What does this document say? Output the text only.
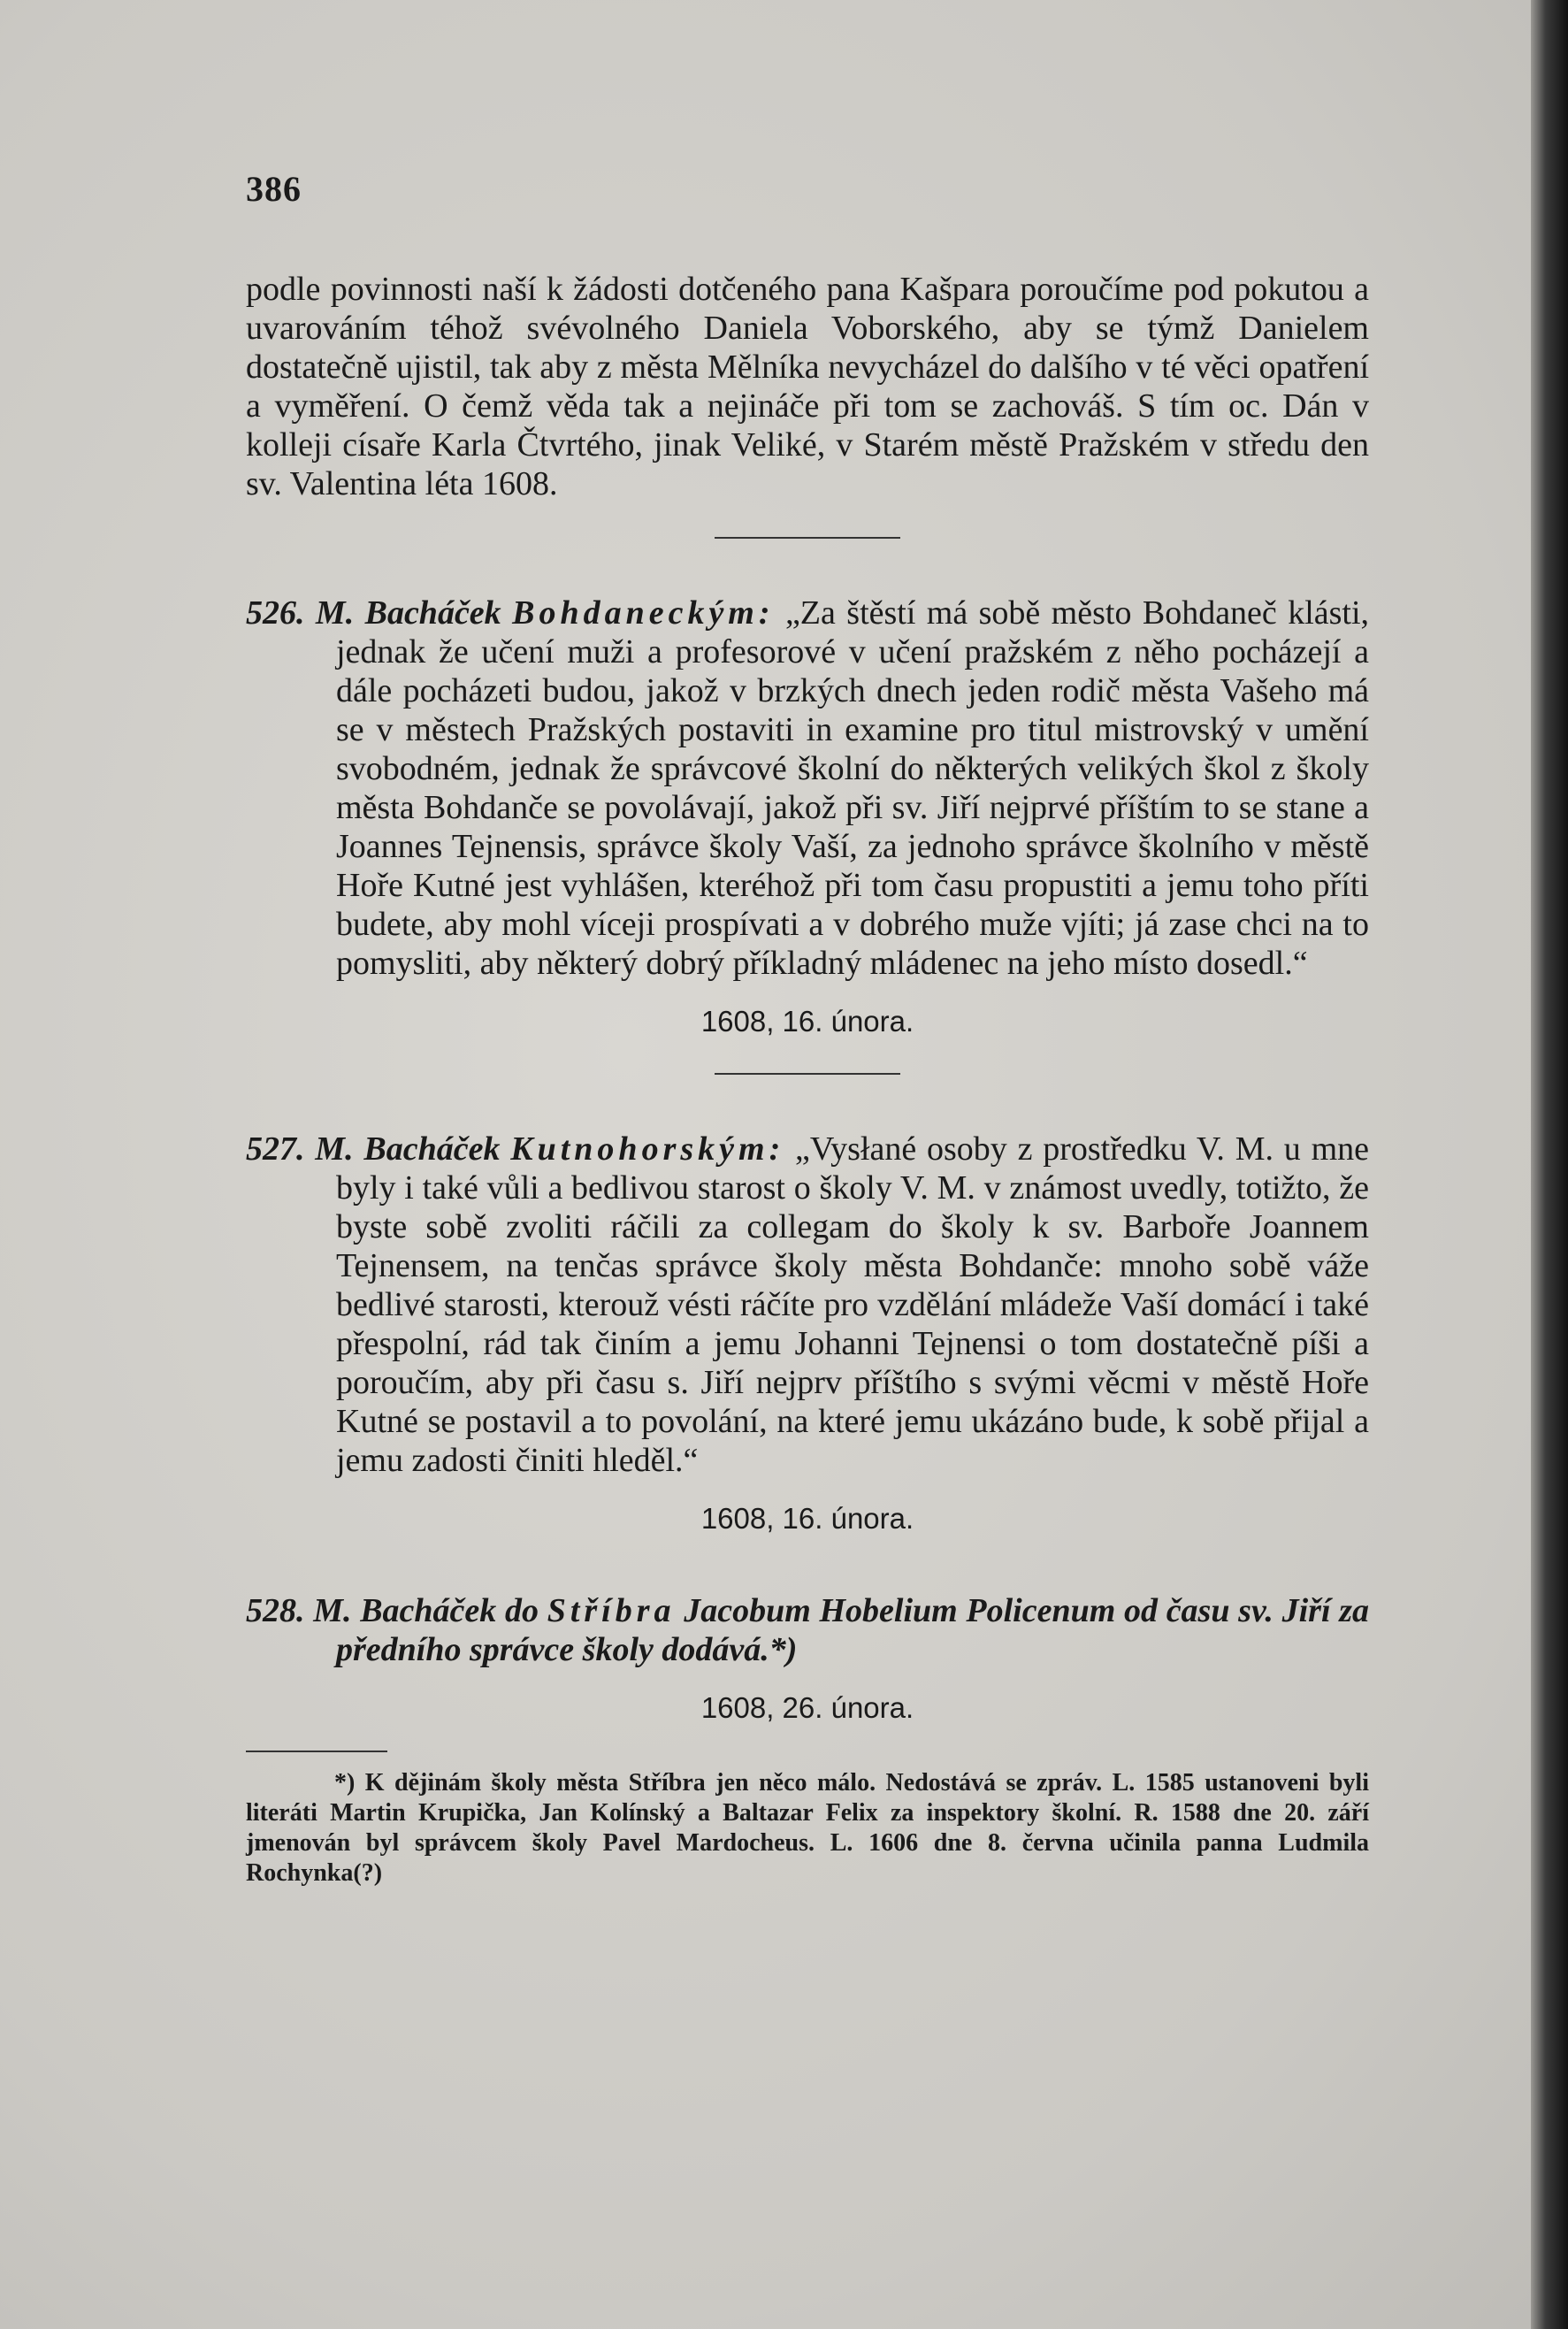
386

podle povinnosti naší k žádosti dotčeného pana Kašpara poroučíme pod pokutou a uvarováním téhož svévolného Daniela Voborského, aby se týmž Danielem dostatečně ujistil, tak aby z města Mělníka nevycházel do dalšího v té věci opatření a vyměření. O čemž věda tak a nejináče při tom se zachováš. S tím oc. Dán v kolleji císaře Karla Čtvrtého, jinak Veliké, v Starém městě Pražském v středu den sv. Valentina léta 1608.

526. M. Bacháček Bohdaneckým: „Za štěstí má sobě město Bohdaneč klásti, jednak že učení muži a profesorové v učení pražském z něho pocházejí a dále pocházeti budou, jakož v brzkých dnech jeden rodič města Vašeho má se v městech Pražských postaviti in examine pro titul mistrovský v umění svobodném, jednak že správcové školní do některých velikých škol z školy města Bohdanče se povolávají, jakož při sv. Jiří nejprvé příštím to se stane a Joannes Tejnensis, správce školy Vaší, za jednoho správce školního v městě Hoře Kutné jest vyhlášen, kteréhož při tom času propustiti a jemu toho příti budete, aby mohl víceji prospívati a v dobrého muže vjíti; já zase chci na to pomysliti, aby některý dobrý příkladný mládenec na jeho místo dosedl.“

1608, 16. února.

527. M. Bacháček Kutnohorským: „Vysłané osoby z prostředku V. M. u mne byly i také vůli a bedlivou starost o školy V. M. v známost uvedly, totižto, že byste sobě zvoliti ráčili za collegam do školy k sv. Barboře Joannem Tejnensem, na tenčas správce školy města Bohdanče: mnoho sobě váže bedlivé starosti, kterouž vésti ráčíte pro vzdělání mládeže Vaší domácí i také přespolní, rád tak činím a jemu Johanni Tejnensi o tom dostatečně píši a poroučím, aby při času s. Jiří nejprv příštího s svými věcmi v městě Hoře Kutné se postavil a to povolání, na které jemu ukázáno bude, k sobě přijal a jemu zadosti činiti hleděl.“

1608, 16. února.

528. M. Bacháček do Stříbra Jacobum Hobelium Policenum od času sv. Jiří za předního správce školy dodává.*)

1608, 26. února.

*) K dějinám školy města Stříbra jen něco málo. Nedostává se zpráv. L. 1585 ustanoveni byli literáti Martin Krupička, Jan Kolínský a Baltazar Felix za inspektory školní. R. 1588 dne 20. září jmenován byl správcem školy Pavel Mardocheus. L. 1606 dne 8. června učinila panna Ludmila Rochynka(?)
